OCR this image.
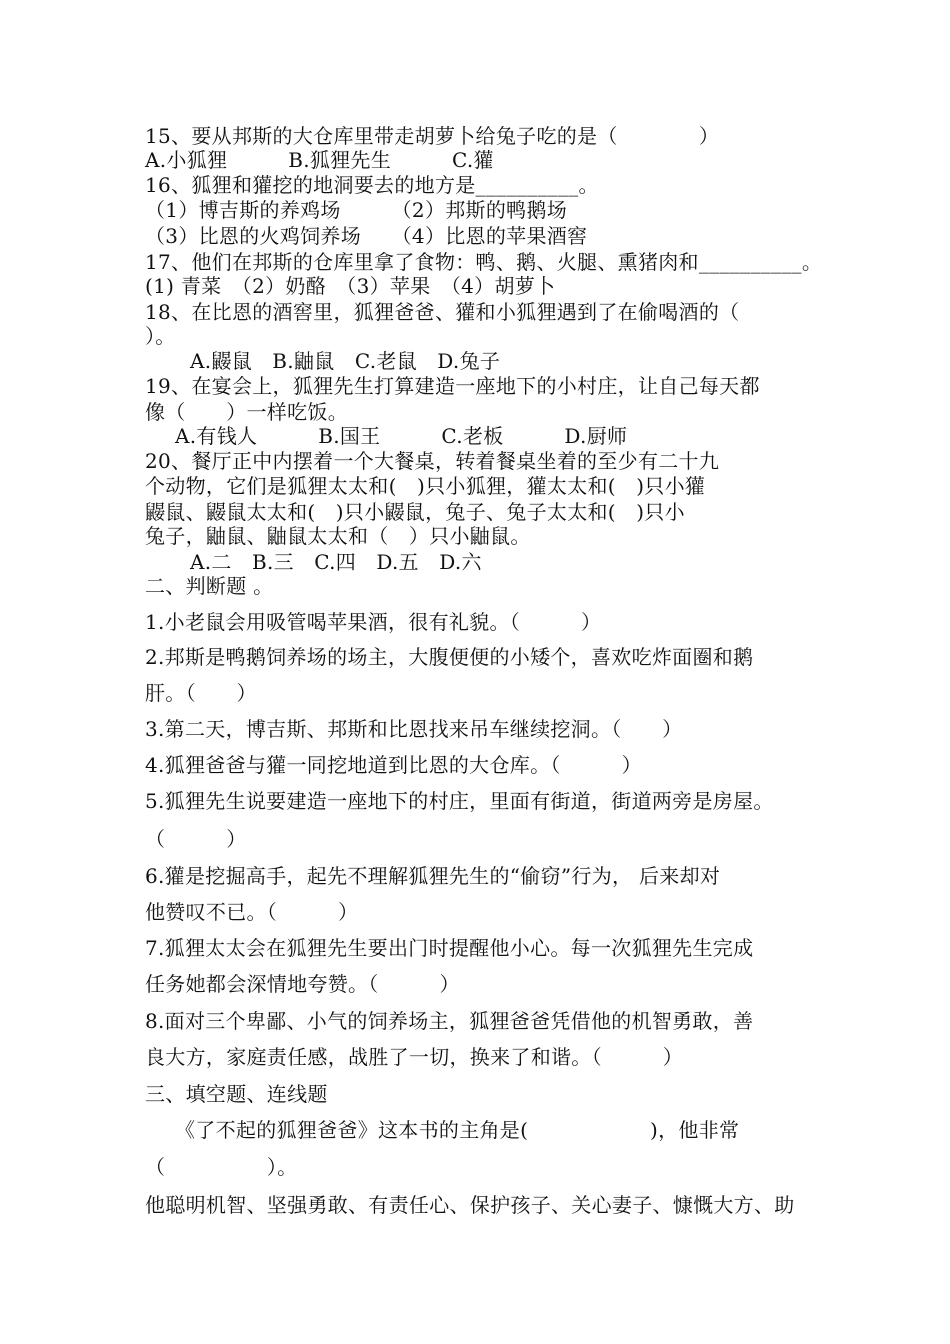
15、要从邦斯的大仓库里带走胡萝卜给兔子吃的是（　　　　）
A.小狐狸　　　B.狐狸先生　　　C.獾
16、狐狸和獾挖的地洞要去的地方是__________。
（1）博吉斯的养鸡场　　　（2）邦斯的鸭鹅场
（3）比恩的火鸡饲养场　　（4）比恩的苹果酒窖
17、他们在邦斯的仓库里拿了食物：鸭、鹅、火腿、熏猪肉和__________。
(1) 青菜　（2）奶酪　（3）苹果　（4）胡萝卜
18、在比恩的酒窖里，狐狸爸爸、獾和小狐狸遇到了在偷喝酒的（
）。
A.鼹鼠　B.鼬鼠　C.老鼠　D.兔子
19、在宴会上，狐狸先生打算建造一座地下的小村庄，让自己每天都
像（　　）一样吃饭。
A.有钱人　　　B.国王　　　C.老板　　　D.厨师
20、餐厅正中内摆着一个大餐桌，转着餐桌坐着的至少有二十九
个动物，它们是狐狸太太和(　)只小狐狸，獾太太和(　)只小獾
鼹鼠、鼹鼠太太和(　)只小鼹鼠，兔子、兔子太太和(　)只小
兔子，鼬鼠、鼬鼠太太和（　）只小鼬鼠。
A.二　B.三　C.四　D.五　D.六
二、判断题 。
1.小老鼠会用吸管喝苹果酒，很有礼貌。（　　　）
2.邦斯是鸭鹅饲养场的场主，大腹便便的小矮个，喜欢吃炸面圈和鹅
肝。（　　）
3.第二天，博吉斯、邦斯和比恩找来吊车继续挖洞。（　　）
4.狐狸爸爸与獾一同挖地道到比恩的大仓库。（　　　）
5.狐狸先生说要建造一座地下的村庄，里面有街道，街道两旁是房屋。
（　　　）
6.獾是挖掘高手，起先不理解狐狸先生的“偷窃”行为， 后来却对
他赞叹不已。（　　　）
7.狐狸太太会在狐狸先生要出门时提醒他小心。每一次狐狸先生完成
任务她都会深情地夸赞。（　　　）
8.面对三个卑鄙、小气的饲养场主，狐狸爸爸凭借他的机智勇敢，善
良大方，家庭责任感，战胜了一切，换来了和谐。（　　　）
三、填空题、连线题
《了不起的狐狸爸爸》这本书的主角是(　　　　　　)，他非常
（　　　　　）。
他聪明机智、坚强勇敢、有责任心、保护孩子、关心妻子、慷慨大方、助
